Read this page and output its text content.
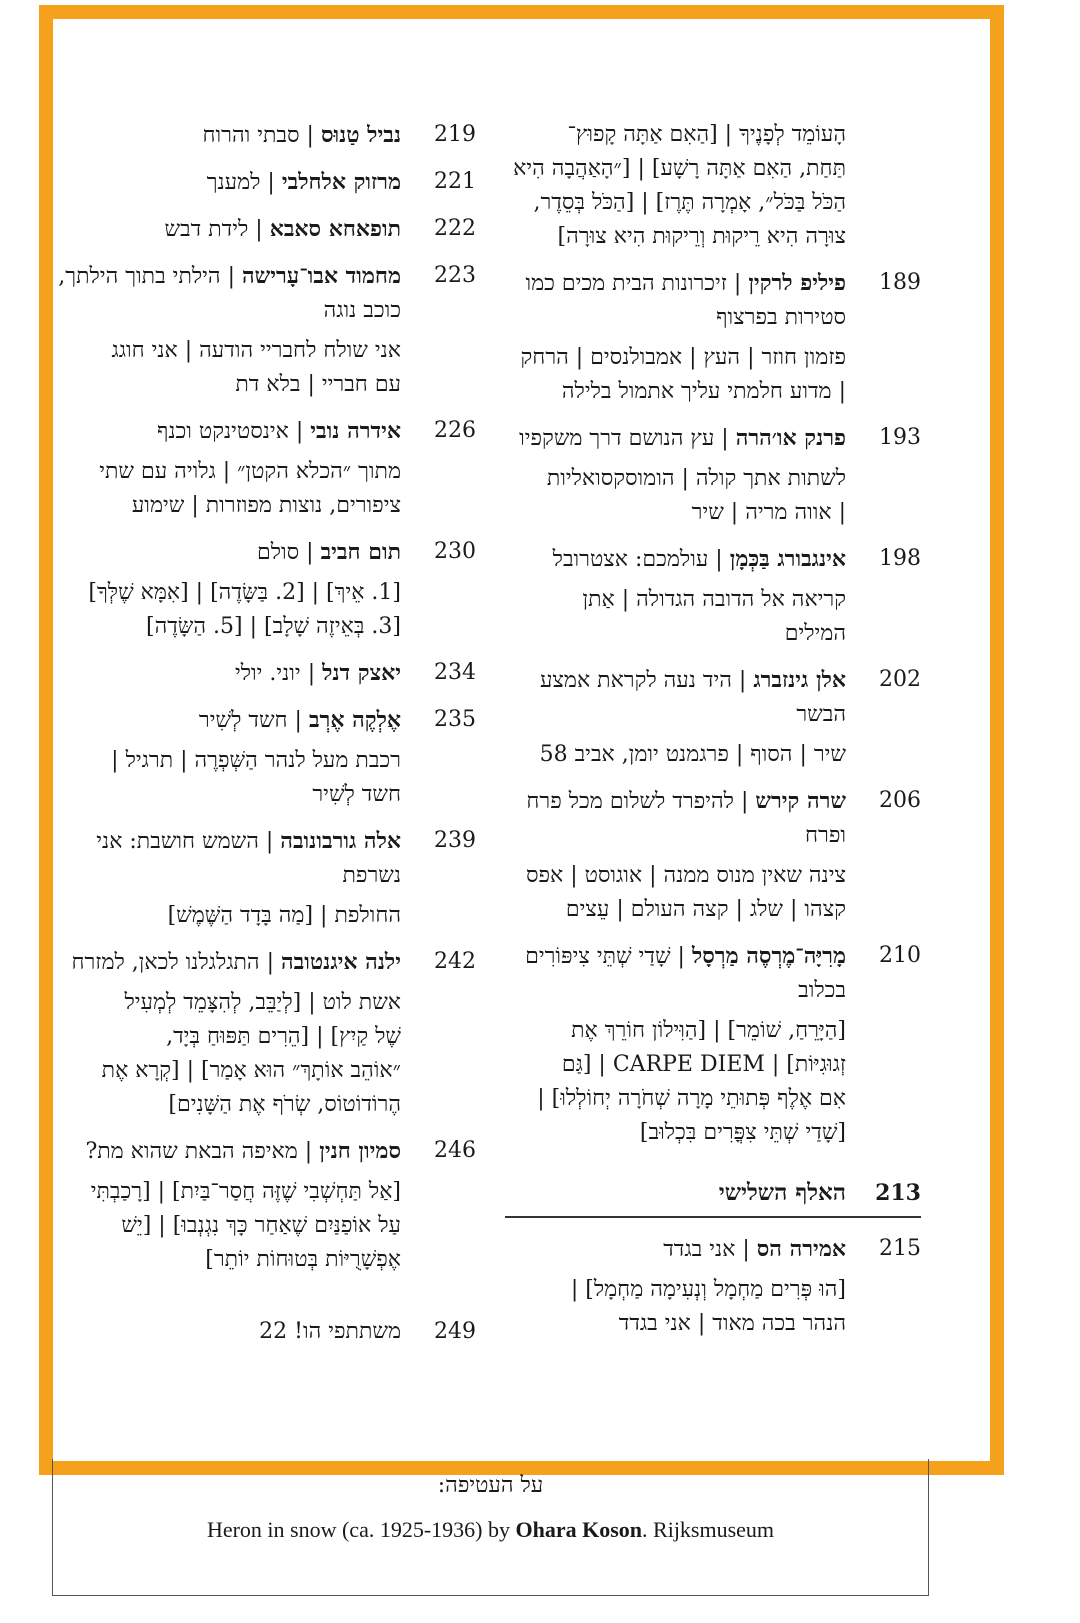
הָעוֹמֵד לְפָנֶיךָ | [הַאִם אַתָּה קָפוּץ־
תַּחַת, הַאִם אַתָּה רָשָׁע] | [״הָאַהֲבָה הִיא
הַכֹּל בַּכֹּל״, אָמְרָה תֶּרֶז] | [הַכֹּל בְּסֵדֶר,
צוּרָה הִיא רֵיקוּת וְרֵיקוּת הִיא צוּרָה]
189
פיליפ לרקין | זיכרונות הבית מכים כמו סטירות בפרצוף
פזמון חוזר | העץ | אמבולנסים | הרחק
| מדוע חלמתי עליך אתמול בלילה
193
פרנק או׳הרה | עץ הנושם דרך משקפיו
לשתות אתך קולה | הומוסקסואליות
| אווה מריה | שיר
198
אינגבורג בַּכְּמָן | עולמכם: אצטרובל
קריאה אל הדובה הגדולה | אַתן
המילים
202
אלן גינזברג | היד נעה לקראת אמצע הבשר
שיר | הסוף | פרגמנט יומן, אביב 58
206
שרה קירש | להיפרד לשלום מכל פרח ופרח
צינה שאין מנוס ממנה | אוגוסט | אפס
קצהו | שלג | קצה העולם | עֵצים
210
מָרִיָּה־מֶרְסֶה מַרְסָל | שָׁדַי שְׁתֵּי צִיפּוֹרִים בכלוב
[הַיָּרֵחַ, שׁוֹמֵר] | [הַוִּילוֹן חוֹרֵךְ אֶת
זְגוּגִיּוֹת] | CARPE DIEM | [גַּם
אִם אֶלֶף פְּתוּתֵי מָרָה שְׁחֹרָה יְחוֹלְלוּ] |
[שָׁדַי שְׁתֵּי צִפֳּרִים בִּכְלוּב]
213
האלף השלישי
215
אמירה הס | אני בגדד
[הוּ פְּרִים מַחְמָל וְנְעִימָה מַחְמָל] |
הנהר בכה מאוד | אני בגדד
219
נביל טַנוּס | סבתי והרוח
221
מרזוק אלחלבי | למענך
222
תופאחא סאבא | לידת דבש
223
מחמוד אבו־עָרישה | הילתי בתוך הילתך, כוכב נוגה
אני שולח לחבריי הודעה | אני חוגג
עם חבריי | בלא דת
226
אידרה נובי | אינסטינקט וכנף
מתוך ״הכלא הקטן״ | גלויה עם שתי
ציפורים, נוצות מפוזרות | שימוע
230
תום חביב | סולם
[1. אֵיךְ] | [2. בַּשָּׂדֶה] | [אִמָּא שֶׁלְּךָ]
[3. בְּאֵיזֶה שָׁלָב] | [5. הַשָּׂדֶה]
234
יאצק דנל | יוני. יולי
235
אֶלְקֶה אֶרְב | חשד לְשִׁיר
רכבת מעל לנהר הַשְּׁפְרֶה | תרגיל |
חשד לְשִׁיר
239
אלה גורבונובה | השמש חושבת: אני נשרפת
החולפת | [מַה בָּדָד הַשֶּׁמֶשׁ]
242
ילנה איגנטובה | התגלגלנו לכאן, למזרח
אשת לוט | [לְיַבֵּב, לְהִצָּמֵד לְמְעִיל
שֶׁל קַיִץ] | [הֵרִים תַּפּוּחַ בְּיָד,
״אוֹהֵב אוֹתָךְ״ הוּא אָמַר] | [קְרָא אֶת
הֶרוֹדוֹטוֹס, שְׂרֹף אֶת הַשָּׁנִים]
246
סמיון חנין | מאיפה הבאת שהוא מת?
[אַל תַּחְשְׁבִי שֶׁזֶּה חֲסַר־בַּיִת] | [רָכַבְתִּי
עַל אוֹפַנַּיִם שֶׁאַחַר כָּךְ נִגְנְבוּ] | [יֵשׁ
אֶפְשָׁרֻיּוֹת בְּטוּחוֹת יוֹתֵר]
249
משתתפי הו! 22
על העטיפה:
Heron in snow (ca. 1925-1936) by Ohara Koson. Rijksmuseum
